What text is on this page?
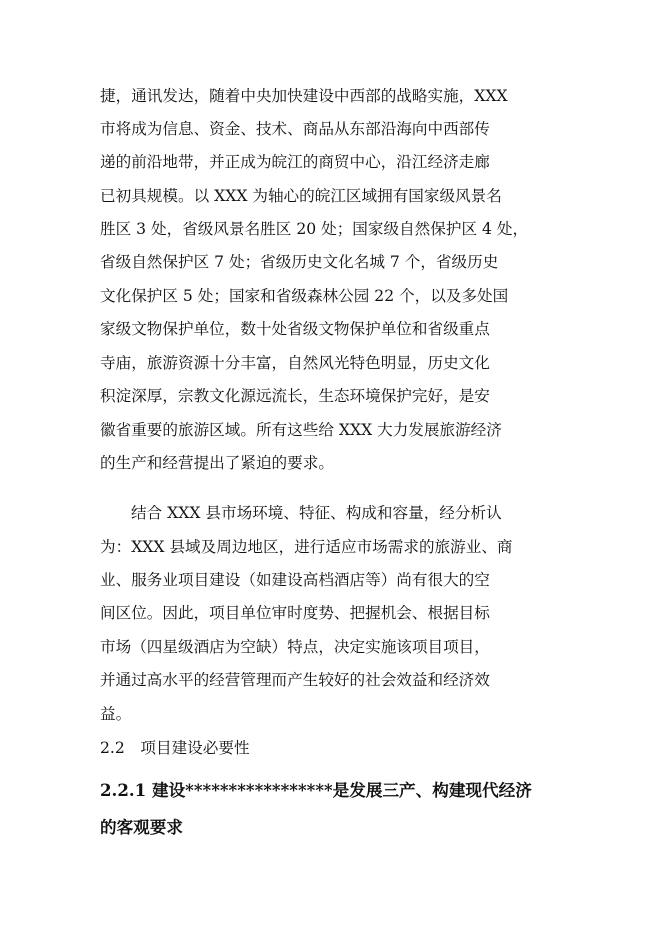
捷，通讯发达，随着中央加快建设中西部的战略实施，XXX
市将成为信息、资金、技术、商品从东部沿海向中西部传
递的前沿地带，并正成为皖江的商贸中心，沿江经济走廊
已初具规模。以 XXX 为轴心的皖江区域拥有国家级风景名
胜区 3 处，省级风景名胜区 20 处；国家级自然保护区 4 处，
省级自然保护区 7 处；省级历史文化名城 7 个，省级历史
文化保护区 5 处；国家和省级森林公园 22 个，以及多处国
家级文物保护单位，数十处省级文物保护单位和省级重点
寺庙，旅游资源十分丰富，自然风光特色明显，历史文化
积淀深厚，宗教文化源远流长，生态环境保护完好，是安
徽省重要的旅游区域。所有这些给 XXX 大力发展旅游经济
的生产和经营提出了紧迫的要求。
结合 XXX 县市场环境、特征、构成和容量，经分析认
为：XXX 县域及周边地区，进行适应市场需求的旅游业、商
业、服务业项目建设（如建设高档酒店等）尚有很大的空
间区位。因此，项目单位审时度势、把握机会、根据目标
市场（四星级酒店为空缺）特点，决定实施该项目项目，
并通过高水平的经营管理而产生较好的社会效益和经济效
益。
2.2　项目建设必要性
2.2.1 建设*****************是发展三产、构建现代经济
的客观要求
